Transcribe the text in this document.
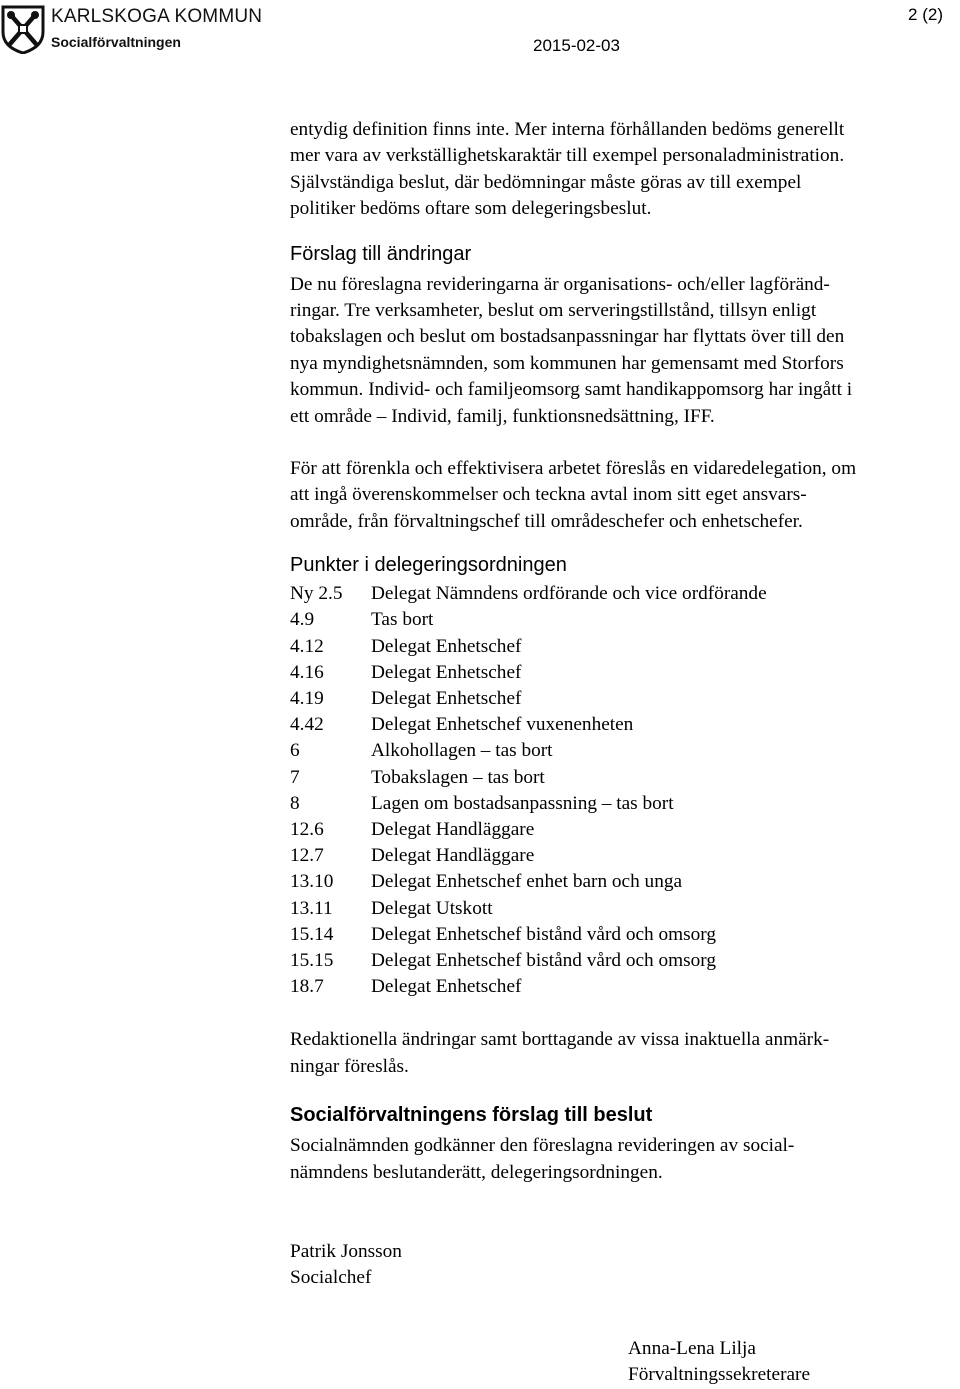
KARLSKOGA KOMMUN
Socialförvaltningen
2 (2)
2015-02-03

entydig definition finns inte. Mer interna förhållanden bedöms generellt
mer vara av verkställighetskaraktär till exempel personaladministration.
Självständiga beslut, där bedömningar måste göras av till exempel
politiker bedöms oftare som delegeringsbeslut.

Förslag till ändringar

De nu föreslagna revideringarna är organisations- och/eller lagföränd-
ringar. Tre verksamheter, beslut om serveringstillstånd, tillsyn enligt
tobakslagen och beslut om bostadsanpassningar har flyttats över till den
nya myndighetsnämnden, som kommunen har gemensamt med Storfors
kommun. Individ- och familjeomsorg samt handikappomsorg har ingått i
ett område – Individ, familj, funktionsnedsättning, IFF.

För att förenkla och effektivisera arbetet föreslås en vidaredelegation, om
att ingå överenskommelser och teckna avtal inom sitt eget ansvars-
område, från förvaltningschef till områdeschefer och enhetschefer.

Punkter i delegeringsordningen
Ny 2.5	Delegat Nämndens ordförande och vice ordförande
4.9	Tas bort
4.12	Delegat Enhetschef
4.16	Delegat Enhetschef
4.19	Delegat Enhetschef
4.42	Delegat Enhetschef vuxenenheten
6	Alkohollagen – tas bort
7	Tobakslagen – tas bort
8	Lagen om bostadsanpassning – tas bort
12.6	Delegat Handläggare
12.7	Delegat Handläggare
13.10	Delegat Enhetschef enhet barn och unga
13.11	Delegat Utskott
15.14	Delegat Enhetschef bistånd vård och omsorg
15.15	Delegat Enhetschef bistånd vård och omsorg
18.7	Delegat Enhetschef

Redaktionella ändringar samt borttagande av vissa inaktuella anmärk-
ningar föreslås.

Socialförvaltningens förslag till beslut

Socialnämnden godkänner den föreslagna revideringen av social-
nämndens beslutanderätt, delegeringsordningen.

Patrik Jonsson
Socialchef

Anna-Lena Lilja
Förvaltningssekreterare
